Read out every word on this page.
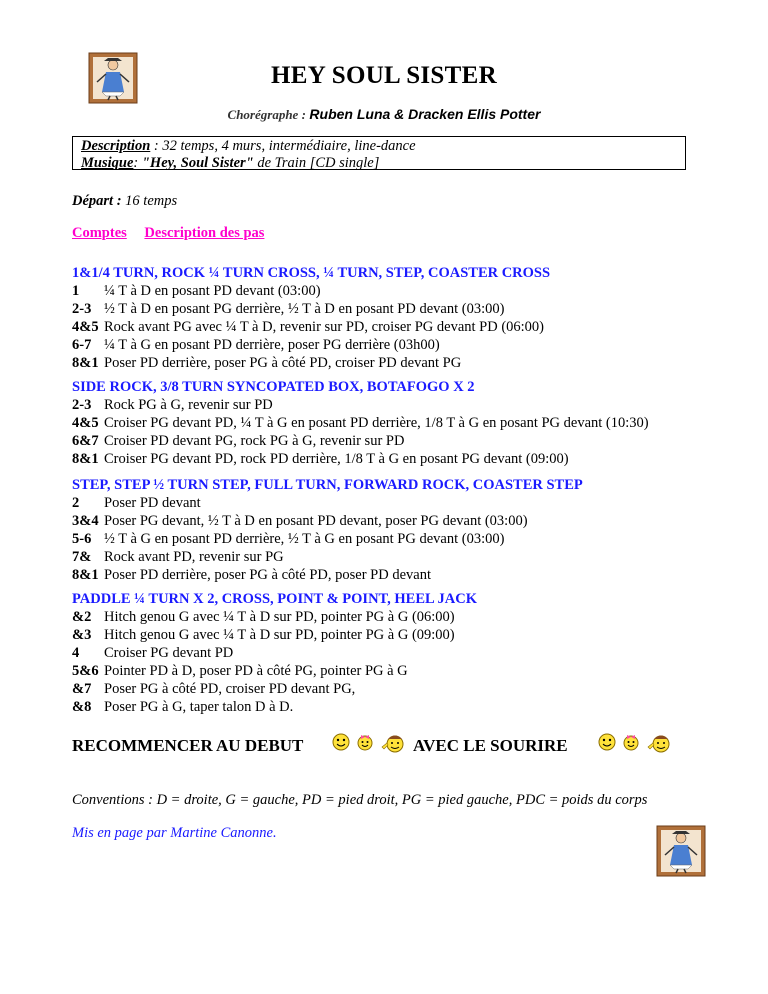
HEY SOUL SISTER
Chorégraphe : Ruben Luna & Dracken Ellis Potter
Description : 32 temps, 4 murs, intermédiaire, line-dance
Musique: "Hey, Soul Sister" de Train [CD single]
Départ : 16 temps
Comptes Description des pas
1&1/4 TURN, ROCK ¼ TURN CROSS, ¼ TURN, STEP, COASTER CROSS
1	¼ T à D en posant PD devant (03:00)
2-3 ½ T à D en posant PG derrière, ½ T à D en posant PD devant (03:00)
4&5 Rock avant PG avec ¼ T à D, revenir sur PD, croiser PG devant PD (06:00)
6-7 ¼ T à G en posant PD derrière, poser PG derrière (03h00)
8&1 Poser PD derrière, poser PG à côté PD, croiser PD devant PG
SIDE ROCK, 3/8 TURN SYNCOPATED BOX, BOTAFOGO X 2
2-3 Rock PG à G, revenir sur PD
4&5 Croiser PG devant PD, ¼ T à G en posant PD derrière, 1/8 T à G en posant PG devant (10:30)
6&7 Croiser PD devant PG, rock PG à G, revenir sur PD
8&1 Croiser PG devant PD, rock PD derrière, 1/8 T à G en posant PG devant (09:00)
STEP, STEP ½ TURN STEP, FULL TURN, FORWARD ROCK, COASTER STEP
2	Poser PD devant
3&4 Poser PG devant, ½ T à D en posant PD devant, poser PG devant (03:00)
5-6 ½ T à G en posant PD derrière, ½ T à G en posant PG devant (03:00)
7& Rock avant PD, revenir sur PG
8&1 Poser PD derrière, poser PG à côté PD, poser PD devant
PADDLE ¼ TURN X 2, CROSS, POINT & POINT, HEEL JACK
&2 Hitch genou G avec ¼ T à D sur PD, pointer PG à G (06:00)
&3 Hitch genou G avec ¼ T à D sur PD, pointer PG à G (09:00)
4	Croiser PG devant PD
5&6 Pointer PD à D, poser PD à côté PG, pointer PG à G
&7 Poser PG à côté PD, croiser PD devant PG,
&8 Poser PG à G, taper talon D à D.
RECOMMENCER AU DEBUT	AVEC LE SOURIRE
Conventions : D = droite, G = gauche, PD = pied droit, PG = pied gauche, PDC = poids du corps
Mis en page par Martine Canonne.
